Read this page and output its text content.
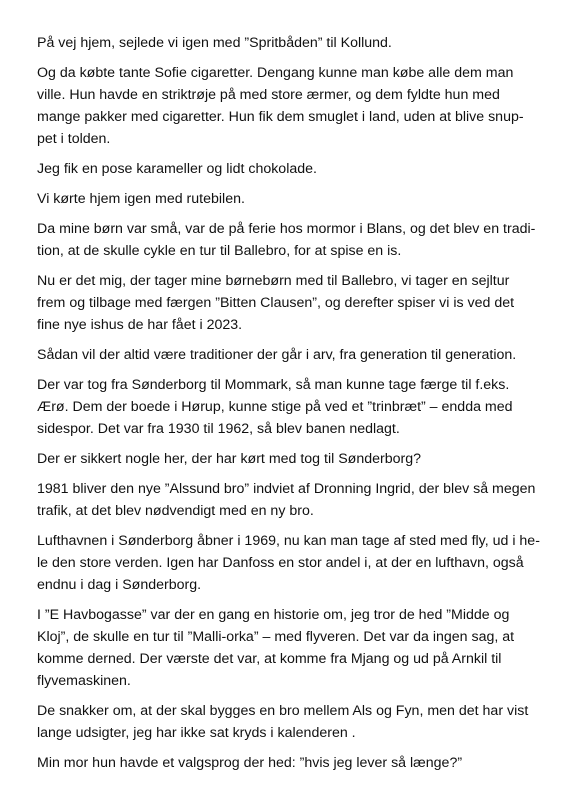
På vej hjem, sejlede vi igen med ”Spritbåden” til Kollund.

Og da købte tante Sofie cigaretter. Dengang kunne man købe alle dem man
ville. Hun havde en striktrøje på med store ærmer, og dem fyldte hun med
mange pakker med cigaretter. Hun fik dem smuglet i land, uden at blive snup-
pet i tolden.

Jeg fik en pose karameller og lidt chokolade.

Vi kørte hjem igen med rutebilen.

Da mine børn var små, var de på ferie hos mormor i Blans, og det blev en tradi-
tion, at de skulle cykle en tur til Ballebro, for at spise en is.

Nu er det mig, der tager mine børnebørn med til Ballebro, vi tager en sejltur
frem og tilbage med færgen ”Bitten Clausen”, og derefter spiser vi is ved det
fine nye ishus de har fået i 2023.

Sådan vil der altid være traditioner der går i arv, fra generation til generation.

Der var tog fra Sønderborg til Mommark, så man kunne tage færge til f.eks.
Ærø. Dem der boede i Hørup, kunne stige på ved et ”trinbræt” – endda med
sidespor. Det var fra 1930 til 1962, så blev banen nedlagt.

Der er sikkert nogle her, der har kørt med tog til Sønderborg?

1981 bliver den nye ”Alssund bro” indviet af Dronning Ingrid, der blev så megen
trafik, at det blev nødvendigt med en ny bro.

Lufthavnen i Sønderborg åbner i 1969, nu kan man tage af sted med fly, ud i he-
le den store verden. Igen har Danfoss en stor andel i, at der en lufthavn, også
endnu i dag i Sønderborg.

I ”E Havbogasse” var der en gang en historie om, jeg tror de hed ”Midde og
Kloj”, de skulle en tur til ”Malli-orka” – med flyveren. Det var da ingen sag, at
komme derned. Der værste det var, at komme fra Mjang og ud på Arnkil til
flyvemaskinen.

De snakker om, at der skal bygges en bro mellem Als og Fyn, men det har vist
lange udsigter, jeg har ikke sat kryds i kalenderen .

Min mor hun havde et valgsprog der hed: ”hvis jeg lever så længe?”
